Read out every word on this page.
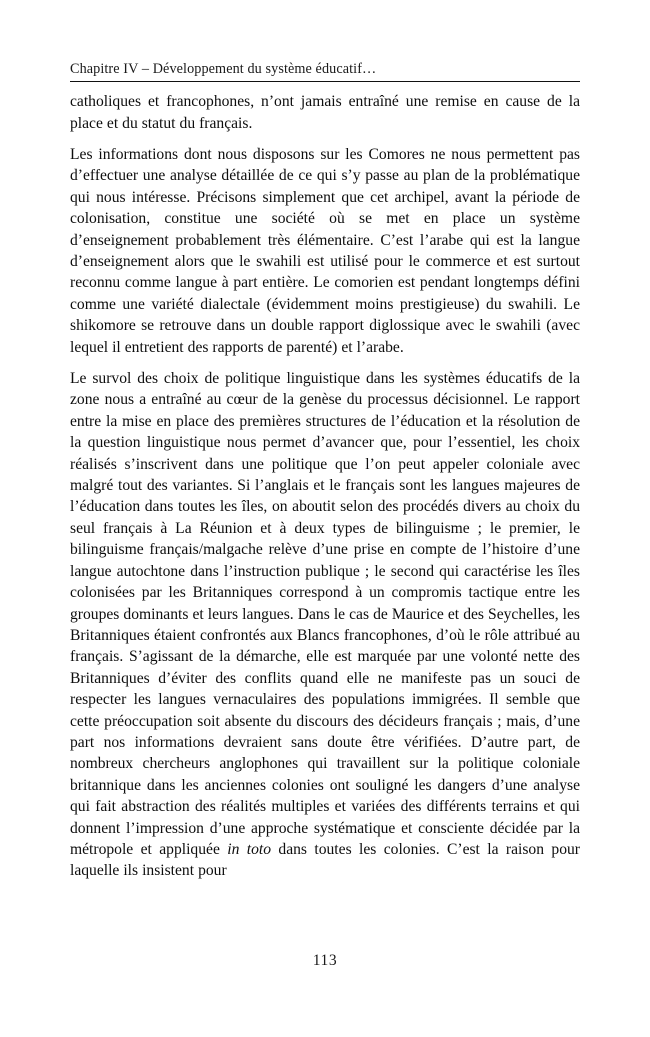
Chapitre IV – Développement du système éducatif…

catholiques et francophones, n’ont jamais entraîné une remise en cause de la place et du statut du français.

Les informations dont nous disposons sur les Comores ne nous permettent pas d’effectuer une analyse détaillée de ce qui s’y passe au plan de la problématique qui nous intéresse. Précisons simplement que cet archipel, avant la période de colonisation, constitue une société où se met en place un système d’enseignement probablement très élémentaire. C’est l’arabe qui est la langue d’enseignement alors que le swahili est utilisé pour le commerce et est surtout reconnu comme langue à part entière. Le comorien est pendant longtemps défini comme une variété dialectale (évidemment moins prestigieuse) du swahili. Le shikomore se retrouve dans un double rapport diglossique avec le swahili (avec lequel il entretient des rapports de parenté) et l’arabe.

Le survol des choix de politique linguistique dans les systèmes éducatifs de la zone nous a entraîné au cœur de la genèse du processus décisionnel. Le rapport entre la mise en place des premières structures de l’éducation et la résolution de la question linguistique nous permet d’avancer que, pour l’essentiel, les choix réalisés s’inscrivent dans une politique que l’on peut appeler coloniale avec malgré tout des variantes. Si l’anglais et le français sont les langues majeures de l’éducation dans toutes les îles, on aboutit selon des procédés divers au choix du seul français à La Réunion et à deux types de bilinguisme ; le premier, le bilinguisme français/malgache relève d’une prise en compte de l’histoire d’une langue autochtone dans l’instruction publique ; le second qui caractérise les îles colonisées par les Britanniques correspond à un compromis tactique entre les groupes dominants et leurs langues. Dans le cas de Maurice et des Seychelles, les Britanniques étaient confrontés aux Blancs francophones, d’où le rôle attribué au français. S’agissant de la démarche, elle est marquée par une volonté nette des Britanniques d’éviter des conflits quand elle ne manifeste pas un souci de respecter les langues vernaculaires des populations immigrées. Il semble que cette préoccupation soit absente du discours des décideurs français ; mais, d’une part nos informations devraient sans doute être vérifiées. D’autre part, de nombreux chercheurs anglophones qui travaillent sur la politique coloniale britannique dans les anciennes colonies ont souligné les dangers d’une analyse qui fait abstraction des réalités multiples et variées des différents terrains et qui donnent l’impression d’une approche systématique et consciente décidée par la métropole et appliquée in toto dans toutes les colonies. C’est la raison pour laquelle ils insistent pour

113
